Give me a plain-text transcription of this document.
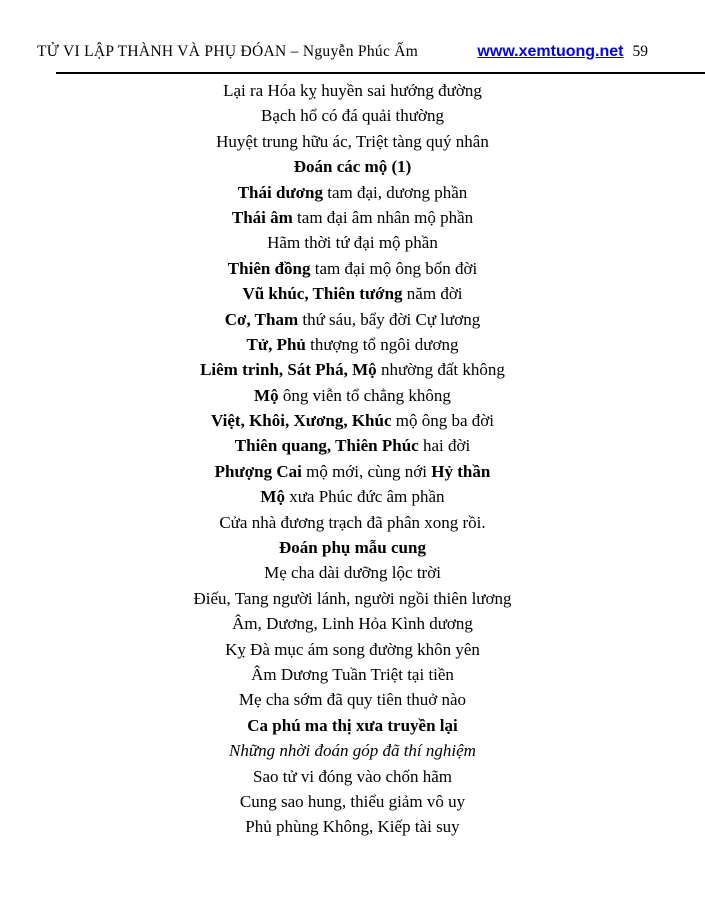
TỬ VI LẬP THÀNH VÀ PHỤ ĐÓAN – Nguyễn Phúc Ấm	www.xemtuong.net 59
Lại ra Hóa kỵ huyền sai hướng đường
Bạch hổ có đá quải thường
Huyệt trung hữu ác, Triệt tàng quý nhân
Đoán các mộ (1)
Thái dương tam đại, dương phần
Thái âm tam đại âm nhân mộ phần
Hãm thời tứ đại mộ phần
Thiên đồng tam đại mộ ông bốn đời
Vũ khúc, Thiên tướng năm đời
Cơ, Tham thứ sáu, bẩy đời Cự lương
Tử, Phủ thượng tổ ngôi dương
Liêm trinh, Sát Phá, Mộ nhường đất không
Mộ ông viễn tổ chẳng không
Việt, Khôi, Xương, Khúc mộ ông ba đời
Thiên quang, Thiên Phúc hai đời
Phượng Cai mộ mới, cùng nới Hỷ thần
Mộ xưa Phúc đức âm phần
Cửa nhà đương trạch đã phân xong rồi.
Đoán phụ mẫu cung
Mẹ cha dài dưỡng lộc trời
Điếu, Tang người lánh, người ngồi thiên lương
Âm, Dương, Linh Hỏa Kình dương
Kỵ Đà mục ám song đường khôn yên
Âm Dương Tuần Triệt tại tiền
Mẹ cha sớm đã quy tiên thuở nào
Ca phú ma thị xưa truyền lại
Những nhời đoán góp đã thí nghiệm
Sao tử vi đóng vào chốn hãm
Cung sao hung, thiểu giảm vô uy
Phủ phùng Không, Kiếp tài suy
